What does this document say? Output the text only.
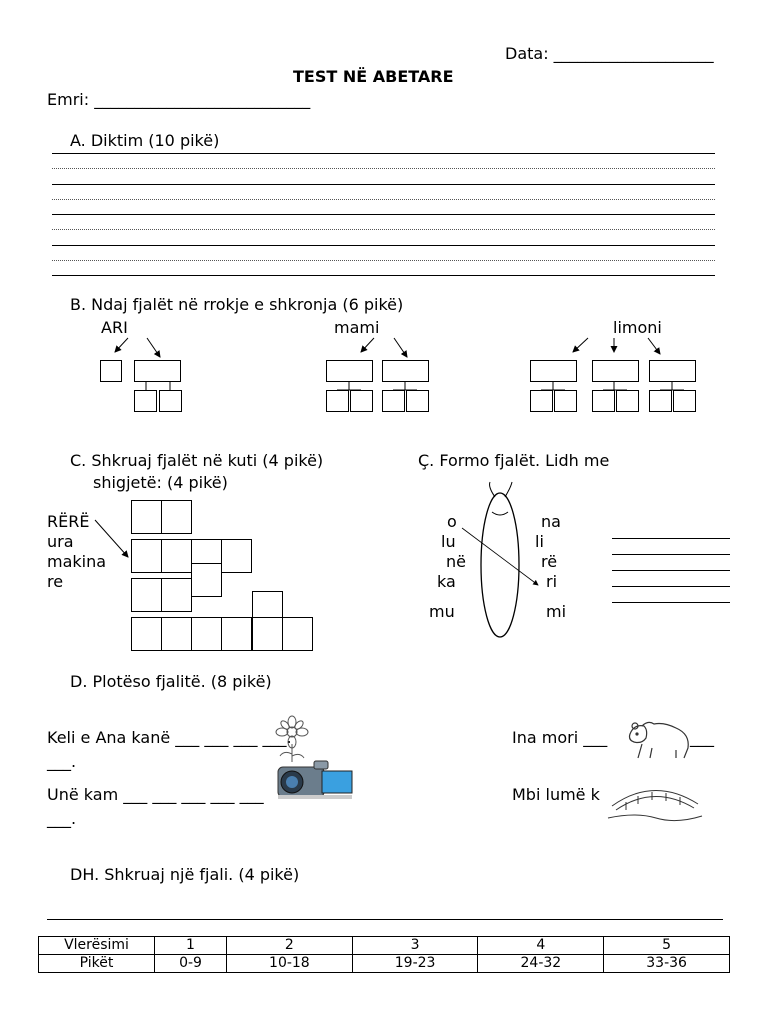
Data: ____________________
TEST NË ABETARE
Emri: ___________________________
A. Diktim (10 pikë)
B. Ndaj fjalët në rrokje e shkronja (6 pikë)
ARI	mami	limoni
C. Shkruaj fjalët në kuti (4 pikë)
shigjetë: (4 pikë)
RËRË
ura
makina
re
Ç. Formo fjalët. Lidh me
o
lu
në
ka
mu
na
li
rë
ri
mi
D. Plotëso fjalitë. (8 pikë)
Keli e Ana kanë ___ ___ ___ ___.
___.
Unë kam ___ ___ ___ ___ ___
___.
Ina mori ___	___
Mbi lumë k
DH. Shkruaj një fjali. (4 pikë)
Vlerësimi	1	2	3	4	5
Pikët	0-9	10-18	19-23	24-32	33-36
